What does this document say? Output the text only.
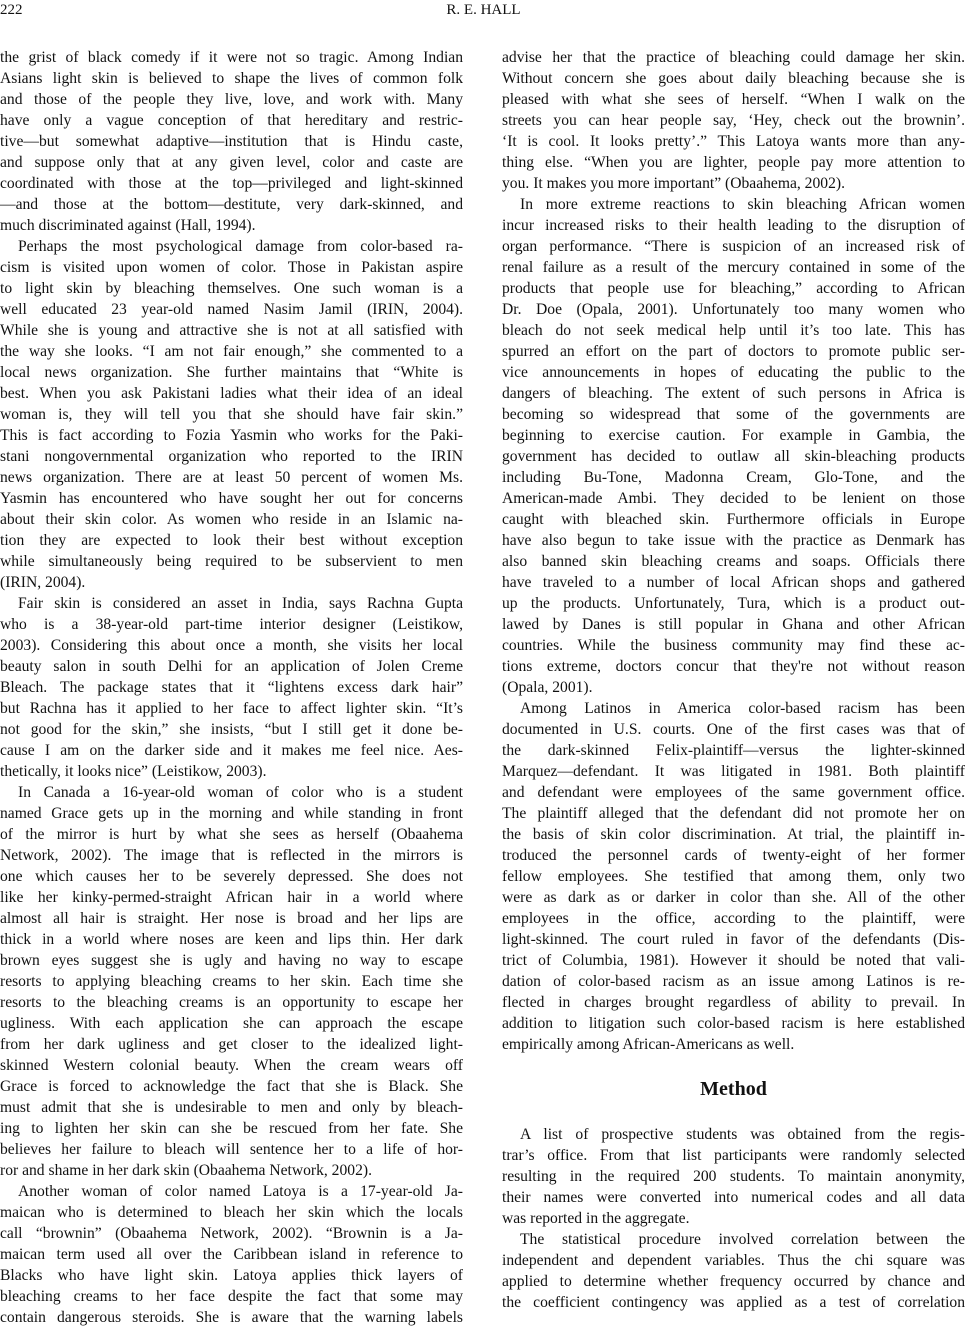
222	R. E. HALL
the grist of black comedy if it were not so tragic. Among Indian
Asians light skin is believed to shape the lives of common folk
and those of the people they live, love, and work with. Many
have only a vague conception of that hereditary and restric-
tive—but somewhat adaptive—institution that is Hindu caste,
and suppose only that at any given level, color and caste are
coordinated with those at the top—privileged and light-skinned
—and those at the bottom—destitute, very dark-skinned, and
much discriminated against (Hall, 1994).
Perhaps the most psychological damage from color-based ra-
cism is visited upon women of color. Those in Pakistan aspire
to light skin by bleaching themselves. One such woman is a
well educated 23 year-old named Nasim Jamil (IRIN, 2004).
While she is young and attractive she is not at all satisfied with
the way she looks. “I am not fair enough,” she commented to a
local news organization. She further maintains that “White is
best. When you ask Pakistani ladies what their idea of an ideal
woman is, they will tell you that she should have fair skin.”
This is fact according to Fozia Yasmin who works for the Paki-
stani nongovernmental organization who reported to the IRIN
news organization. There are at least 50 percent of women Ms.
Yasmin has encountered who have sought her out for concerns
about their skin color. As women who reside in an Islamic na-
tion they are expected to look their best without exception
while simultaneously being required to be subservient to men
(IRIN, 2004).
Fair skin is considered an asset in India, says Rachna Gupta
who is a 38-year-old part-time interior designer (Leistikow,
2003). Considering this about once a month, she visits her local
beauty salon in south Delhi for an application of Jolen Creme
Bleach. The package states that it “lightens excess dark hair”
but Rachna has it applied to her face to affect lighter skin. “It’s
not good for the skin,” she insists, “but I still get it done be-
cause I am on the darker side and it makes me feel nice. Aes-
thetically, it looks nice” (Leistikow, 2003).
In Canada a 16-year-old woman of color who is a student
named Grace gets up in the morning and while standing in front
of the mirror is hurt by what she sees as herself (Obaahema
Network, 2002). The image that is reflected in the mirrors is
one which causes her to be severely depressed. She does not
like her kinky-permed-straight African hair in a world where
almost all hair is straight. Her nose is broad and her lips are
thick in a world where noses are keen and lips thin. Her dark
brown eyes suggest she is ugly and having no way to escape
resorts to applying bleaching creams to her skin. Each time she
resorts to the bleaching creams is an opportunity to escape her
ugliness. With each application she can approach the escape
from her dark ugliness and get closer to the idealized light-
skinned Western colonial beauty. When the cream wears off
Grace is forced to acknowledge the fact that she is Black. She
must admit that she is undesirable to men and only by bleach-
ing to lighten her skin can she be rescued from her fate. She
believes her failure to bleach will sentence her to a life of hor-
ror and shame in her dark skin (Obaahema Network, 2002).
Another woman of color named Latoya is a 17-year-old Ja-
maican who is determined to bleach her skin which the locals
call “brownin” (Obaahema Network, 2002). “Brownin is a Ja-
maican term used all over the Caribbean island in reference to
Blacks who have light skin. Latoya applies thick layers of
bleaching creams to her face despite the fact that some may
contain dangerous steroids. She is aware that the warning labels
advise her that the practice of bleaching could damage her skin.
Without concern she goes about daily bleaching because she is
pleased with what she sees of herself. “When I walk on the
streets you can hear people say, ‘Hey, check out the brownin’.
‘It is cool. It looks pretty’.” This Latoya wants more than any-
thing else. “When you are lighter, people pay more attention to
you. It makes you more important” (Obaahema, 2002).
In more extreme reactions to skin bleaching African women
incur increased risks to their health leading to the disruption of
organ performance. “There is suspicion of an increased risk of
renal failure as a result of the mercury contained in some of the
products that people use for bleaching,” according to African
Dr. Doe (Opala, 2001). Unfortunately too many women who
bleach do not seek medical help until it’s too late. This has
spurred an effort on the part of doctors to promote public ser-
vice announcements in hopes of educating the public to the
dangers of bleaching. The extent of such persons in Africa is
becoming so widespread that some of the governments are
beginning to exercise caution. For example in Gambia, the
government has decided to outlaw all skin-bleaching products
including Bu-Tone, Madonna Cream, Glo-Tone, and the
American-made Ambi. They decided to be lenient on those
caught with bleached skin. Furthermore officials in Europe
have also begun to take issue with the practice as Denmark has
also banned skin bleaching creams and soaps. Officials there
have traveled to a number of local African shops and gathered
up the products. Unfortunately, Tura, which is a product out-
lawed by Danes is still popular in Ghana and other African
countries. While the business community may find these ac-
tions extreme, doctors concur that they're not without reason
(Opala, 2001).
Among Latinos in America color-based racism has been
documented in U.S. courts. One of the first cases was that of
the dark-skinned Felix-plaintiff—versus the lighter-skinned
Marquez—defendant. It was litigated in 1981. Both plaintiff
and defendant were employees of the same government office.
The plaintiff alleged that the defendant did not promote her on
the basis of skin color discrimination. At trial, the plaintiff in-
troduced the personnel cards of twenty-eight of her former
fellow employees. She testified that among them, only two
were as dark as or darker in color than she. All of the other
employees in the office, according to the plaintiff, were
light-skinned. The court ruled in favor of the defendants (Dis-
trict of Columbia, 1981). However it should be noted that vali-
dation of color-based racism as an issue among Latinos is re-
flected in charges brought regardless of ability to prevail. In
addition to litigation such color-based racism is here established
empirically among African-Americans as well.
Method
A list of prospective students was obtained from the regis-
trar’s office. From that list participants were randomly selected
resulting in the required 200 students. To maintain anonymity,
their names were converted into numerical codes and all data
was reported in the aggregate.
The statistical procedure involved correlation between the
independent and dependent variables. Thus the chi square was
applied to determine whether frequency occurred by chance and
the coefficient contingency was applied as a test of correlation
